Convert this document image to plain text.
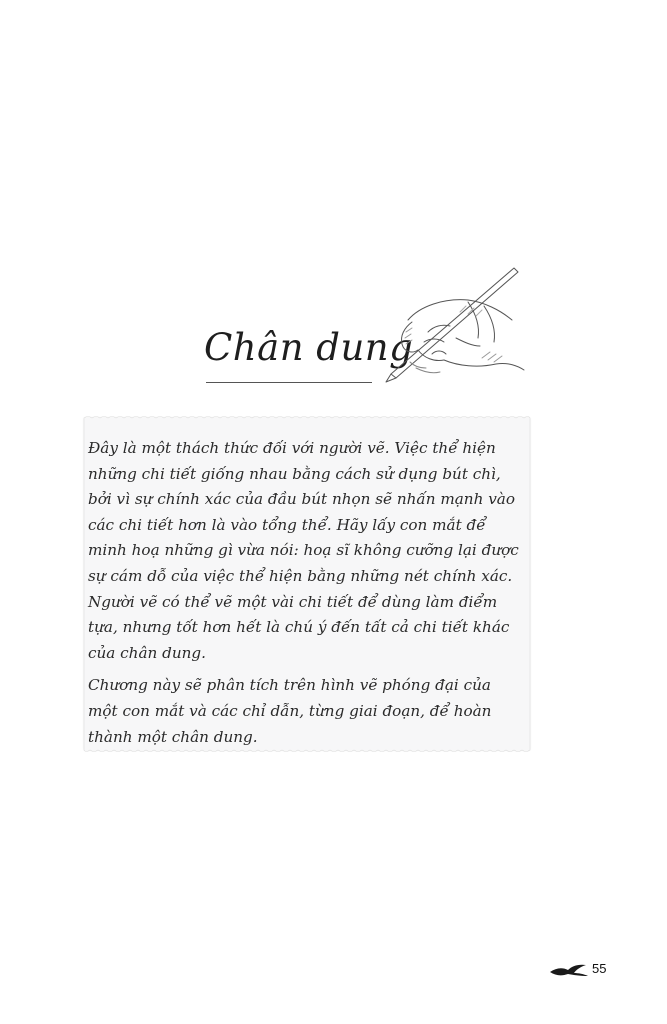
Chân dung

Đây là một thách thức đối với người vẽ. Việc thể hiện những chi tiết giống nhau bằng cách sử dụng bút chì, bởi vì sự chính xác của đầu bút nhọn sẽ nhấn mạnh vào các chi tiết hơn là vào tổng thể. Hãy lấy con mắt để minh hoạ những gì vừa nói: hoạ sĩ không cưỡng lại được sự cám dỗ của việc thể hiện bằng những nét chính xác. Người vẽ có thể vẽ một vài chi tiết để dùng làm điểm tựa, nhưng tốt hơn hết là chú ý đến tất cả chi tiết khác của chân dung.

Chương này sẽ phân tích trên hình vẽ phóng đại của một con mắt và các chỉ dẫn, từng giai đoạn, để hoàn thành một chân dung.

55
